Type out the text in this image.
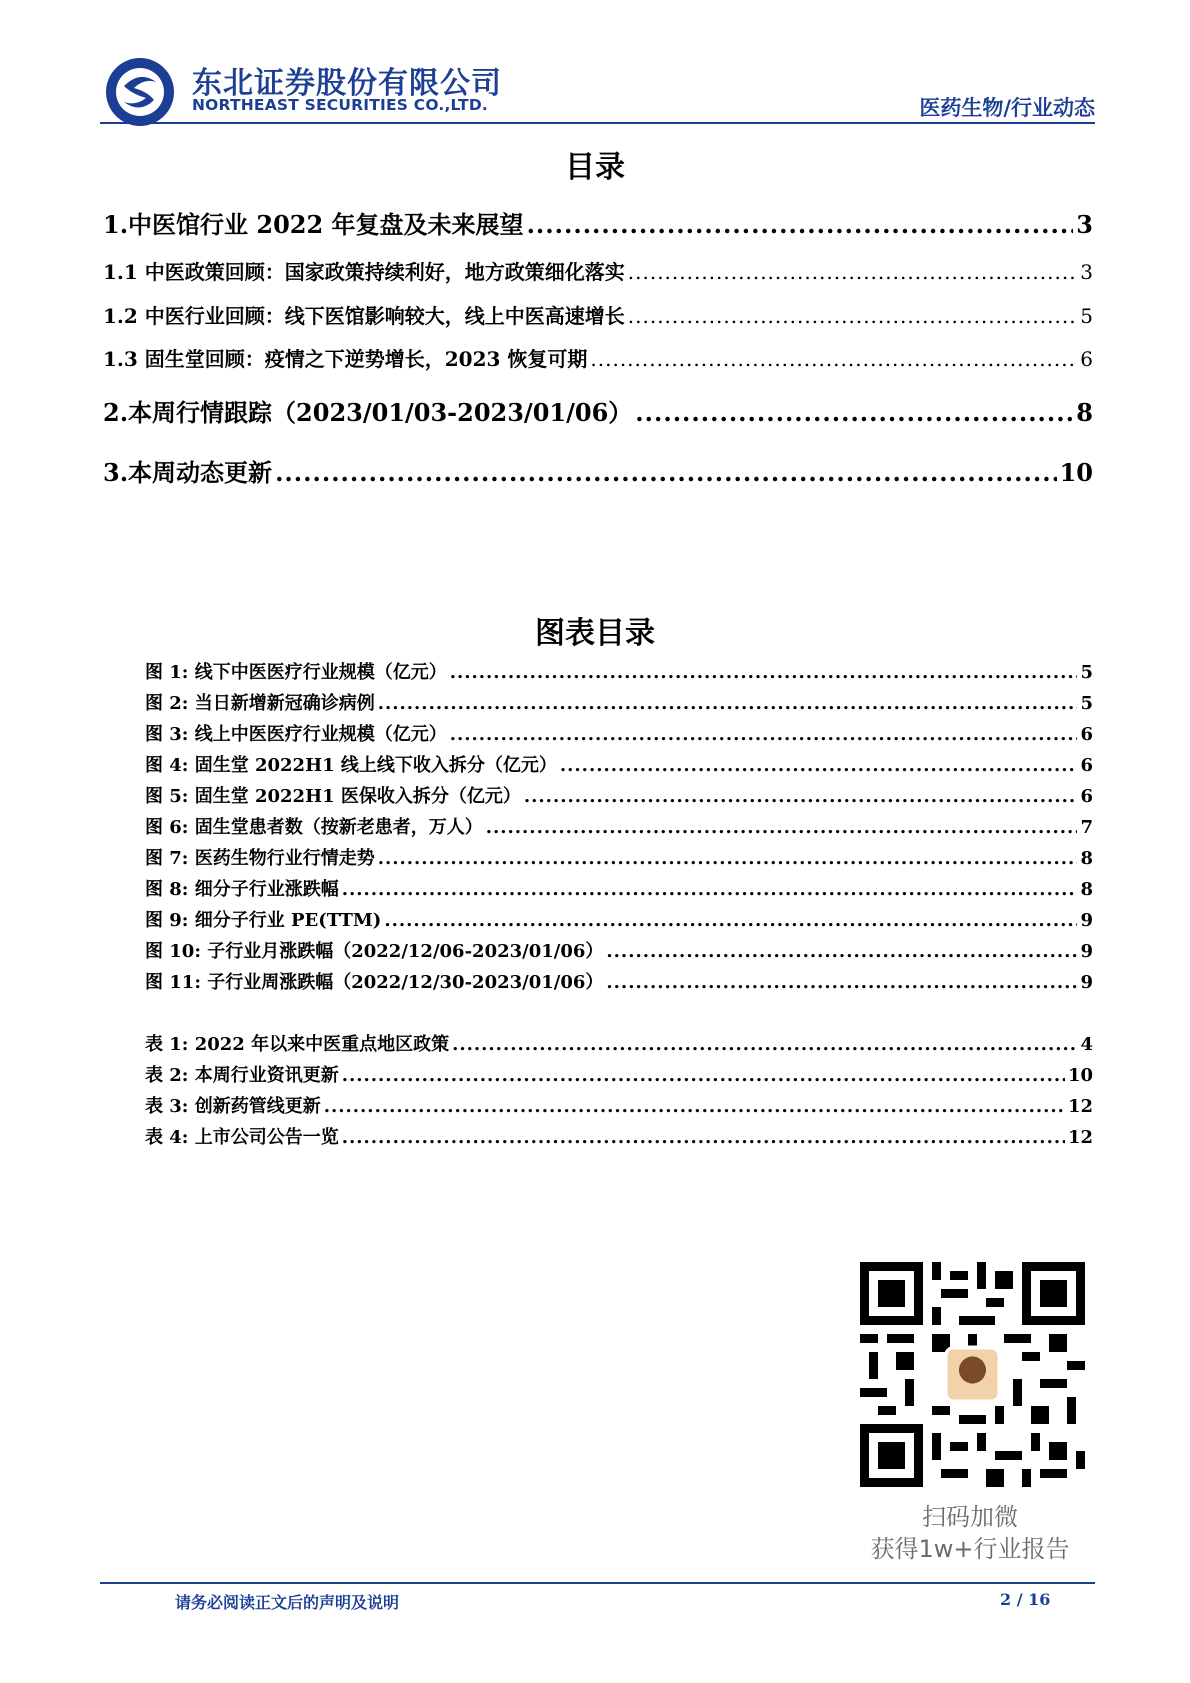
东北证券股份有限公司
NORTHEAST SECURITIES CO.,LTD.	医药生物/行业动态
目录
1.中医馆行业 2022 年复盘及未来展望 .....	3
1.1 中医政策回顾：国家政策持续利好，地方政策细化落实 .....	3
1.2 中医行业回顾：线下医馆影响较大，线上中医高速增长 .....	5
1.3 固生堂回顾：疫情之下逆势增长，2023 恢复可期 .....	6
2.本周行情跟踪（2023/01/03-2023/01/06） .....	8
3.本周动态更新 .....	10
图表目录
图 1: 线下中医医疗行业规模（亿元） .....	5
图 2: 当日新增新冠确诊病例 .....	5
图 3: 线上中医医疗行业规模（亿元） .....	6
图 4: 固生堂 2022H1 线上线下收入拆分（亿元） .....	6
图 5: 固生堂 2022H1 医保收入拆分（亿元） .....	6
图 6: 固生堂患者数（按新老患者，万人） .....	7
图 7: 医药生物行业行情走势 .....	8
图 8: 细分子行业涨跌幅 .....	8
图 9: 细分子行业 PE(TTM) .....	9
图 10: 子行业月涨跌幅（2022/12/06-2023/01/06） .....	9
图 11: 子行业周涨跌幅（2022/12/30-2023/01/06） .....	9
表 1: 2022 年以来中医重点地区政策 .....	4
表 2: 本周行业资讯更新 .....	10
表 3: 创新药管线更新 .....	12
表 4: 上市公司公告一览 .....	12
扫码加微
获得1w+行业报告
请务必阅读正文后的声明及说明	2 / 16
